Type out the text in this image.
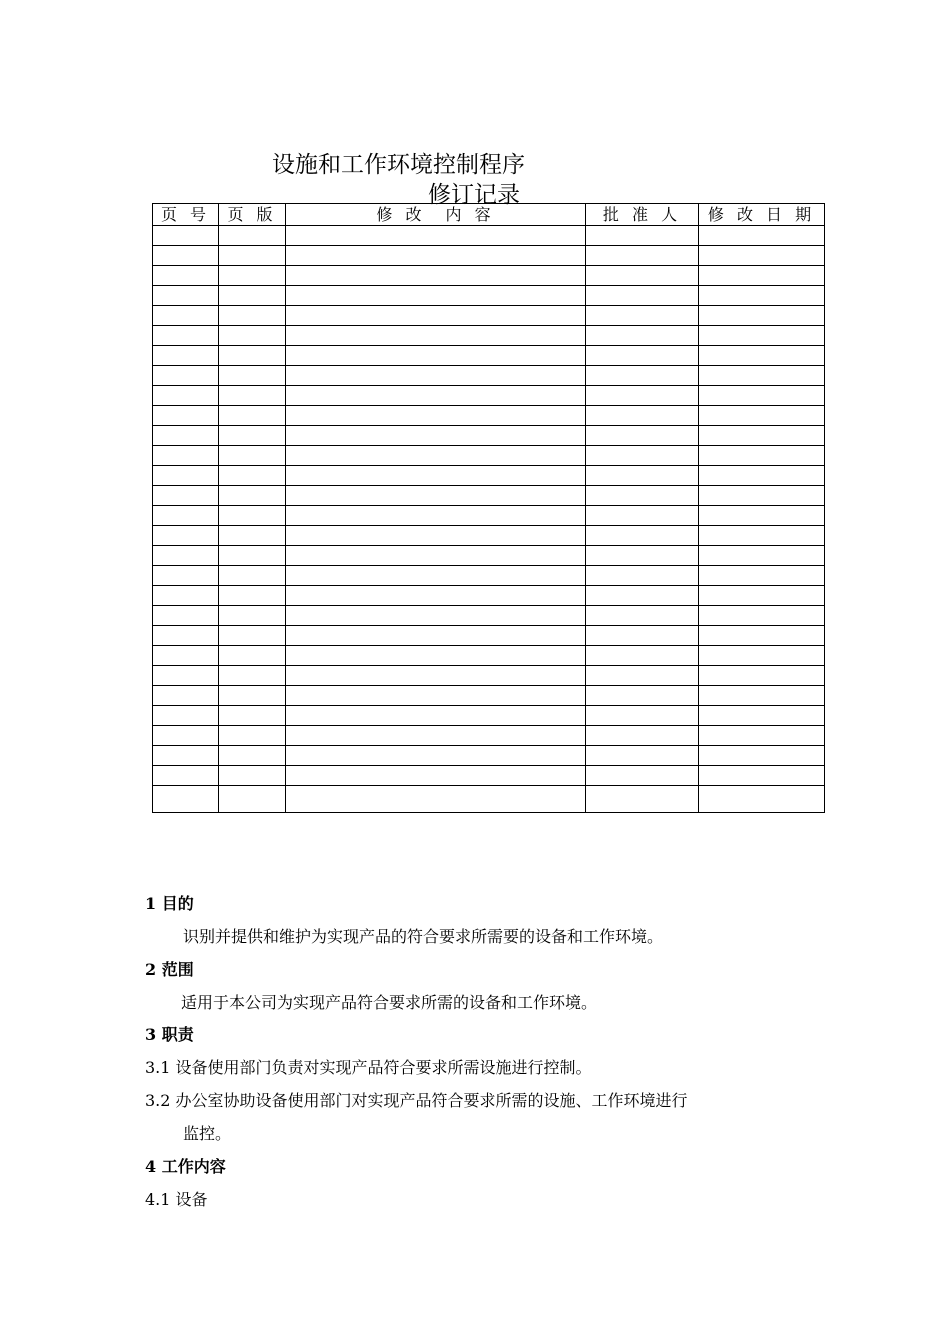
设施和工作环境控制程序
修订记录
页 号	页 版	修 改　内 容	批 准 人	修 改 日 期

1 目的
识别并提供和维护为实现产品的符合要求所需要的设备和工作环境。
2 范围
适用于本公司为实现产品符合要求所需的设备和工作环境。
3 职责
3.1 设备使用部门负责对实现产品符合要求所需设施进行控制。
3.2 办公室协助设备使用部门对实现产品符合要求所需的设施、工作环境进行
监控。
4 工作内容
4.1 设备
